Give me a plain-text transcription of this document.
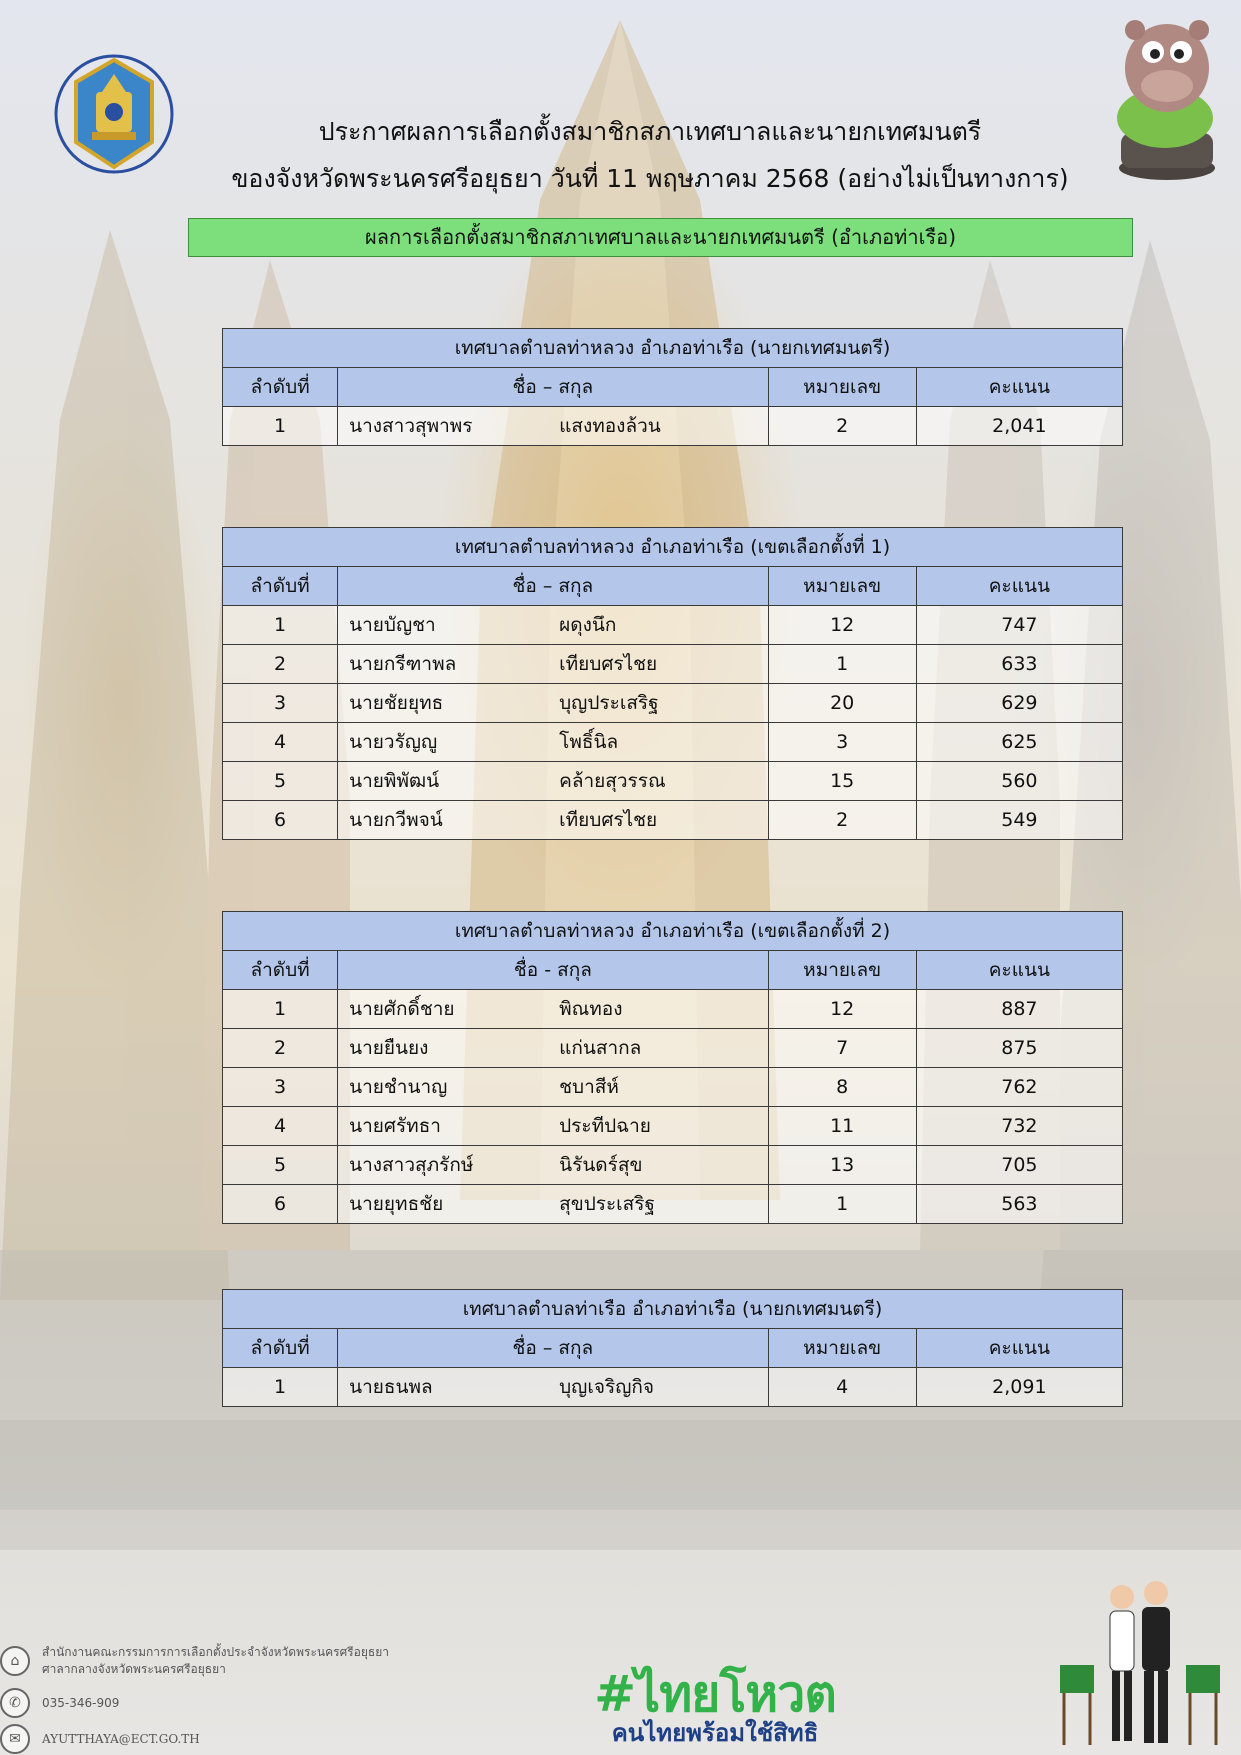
ประกาศผลการเลือกตั้งสมาชิกสภาเทศบาลและนายกเทศมนตรี
ของจังหวัดพระนครศรีอยุธยา วันที่ 11 พฤษภาคม 2568 (อย่างไม่เป็นทางการ)
ผลการเลือกตั้งสมาชิกสภาเทศบาลและนายกเทศมนตรี (อำเภอท่าเรือ)
เทศบาลตำบลท่าหลวง อำเภอท่าเรือ (นายกเทศมนตรี)			
ลำดับที่	ชื่อ – สกุล	หมายเลข	คะแนน
1	นางสาวสุพาพร แสงทองล้วน	2	2,041
เทศบาลตำบลท่าหลวง อำเภอท่าเรือ (เขตเลือกตั้งที่ 1)			
ลำดับที่	ชื่อ – สกุล	หมายเลข	คะแนน
1	นายบัญชา ผดุงนึก	12	747
2	นายกรีฑาพล เทียบศรไชย	1	633
3	นายชัยยุทธ บุญประเสริฐ	20	629
4	นายวรัญญู โพธิ์นิล	3	625
5	นายพิพัฒน์ คล้ายสุวรรณ	15	560
6	นายกวีพจน์ เทียบศรไชย	2	549
เทศบาลตำบลท่าหลวง อำเภอท่าเรือ (เขตเลือกตั้งที่ 2)			
ลำดับที่	ชื่อ - สกุล	หมายเลข	คะแนน
1	นายศักดิ์ชาย พิณทอง	12	887
2	นายยืนยง แก่นสากล	7	875
3	นายชำนาญ ชบาสีห์	8	762
4	นายศรัทธา ประทีปฉาย	11	732
5	นางสาวสุภรักษ์ นิรันดร์สุข	13	705
6	นายยุทธชัย สุขประเสริฐ	1	563
เทศบาลตำบลท่าเรือ อำเภอท่าเรือ (นายกเทศมนตรี)			
ลำดับที่	ชื่อ – สกุล	หมายเลข	คะแนน
1	นายธนพล บุญเจริญกิจ	4	2,091
⌂
สำนักงานคณะกรรมการการเลือกตั้งประจำจังหวัดพระนครศรีอยุธยา
ศาลากลางจังหวัดพระนครศรีอยุธยา
✆	035-346-909
✉	AYUTTHAYA@ECT.GO.TH
#ไทยโหวต
คนไทยพร้อมใช้สิทธิ
